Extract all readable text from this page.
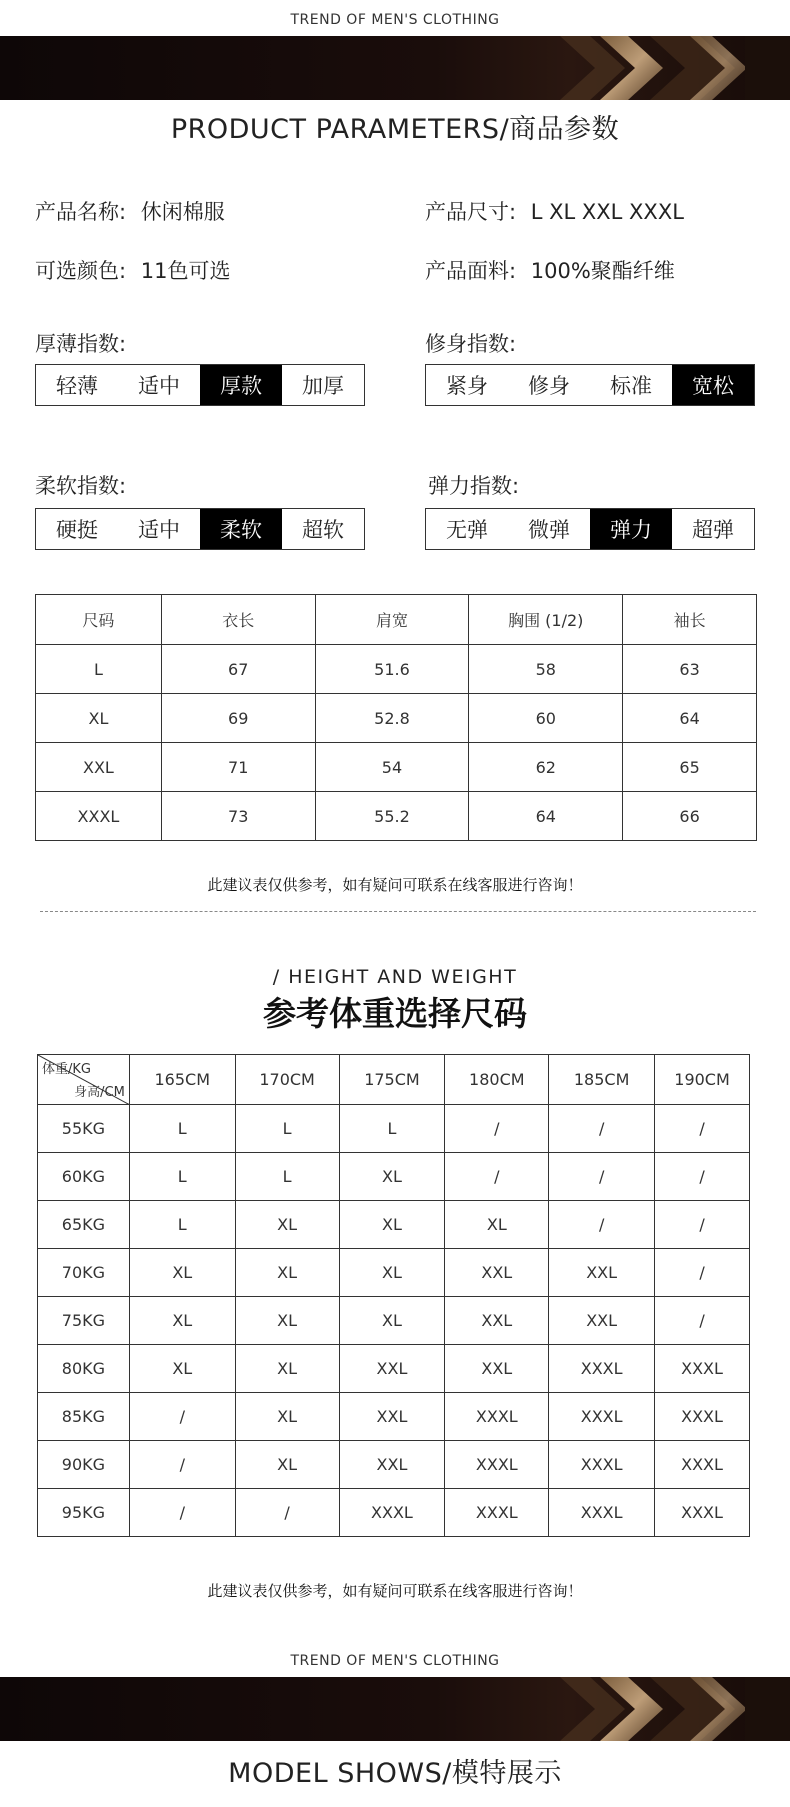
TREND OF MEN'S CLOTHING
PRODUCT PARAMETERS/商品参数
产品名称: 休闲棉服	产品尺寸: L XL XXL XXXL
可选颜色: 11色可选	产品面料: 100%聚酯纤维
厚薄指数:
轻薄	适中	厚款	加厚
修身指数:
紧身	修身	标准	宽松
柔软指数:
硬挺	适中	柔软	超软
弹力指数:
无弹	微弹	弹力	超弹
尺码	衣长	肩宽	胸围 (1/2)	袖长
L	67	51.6	58	63
XL	69	52.8	60	64
XXL	71	54	62	65
XXXL	73	55.2	64	66
此建议表仅供参考，如有疑问可联系在线客服进行咨询！
/ HEIGHT AND WEIGHT
参考体重选择尺码
体重/KG
身高/CM	165CM	170CM	175CM	180CM	185CM	190CM
55KG	L	L	L	/	/	/
60KG	L	L	XL	/	/	/
65KG	L	XL	XL	XL	/	/
70KG	XL	XL	XL	XXL	XXL	/
75KG	XL	XL	XL	XXL	XXL	/
80KG	XL	XL	XXL	XXL	XXXL	XXXL
85KG	/	XL	XXL	XXXL	XXXL	XXXL
90KG	/	XL	XXL	XXXL	XXXL	XXXL
95KG	/	/	XXXL	XXXL	XXXL	XXXL
此建议表仅供参考，如有疑问可联系在线客服进行咨询！
TREND OF MEN'S CLOTHING
MODEL SHOWS/模特展示
